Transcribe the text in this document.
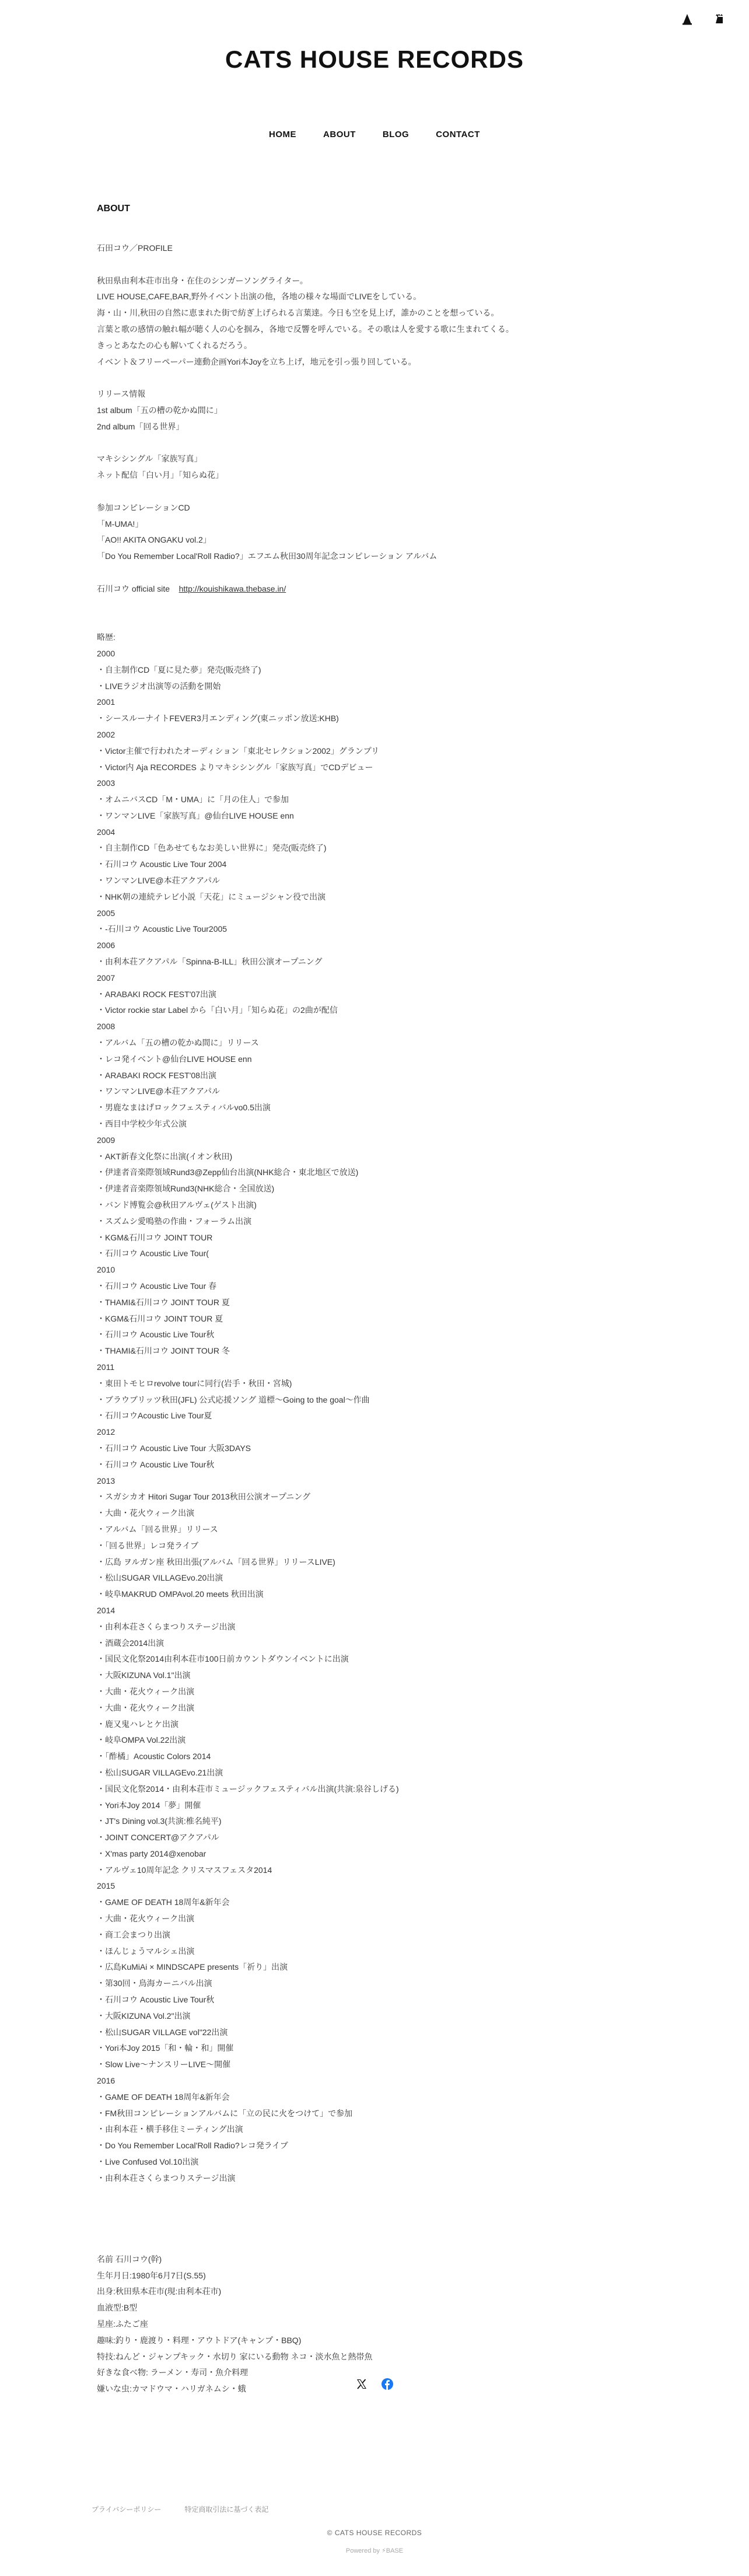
CATS HOUSE RECORDS
HOME	ABOUT	BLOG	CONTACT
ABOUT
石田コウ／PROFILE
秋田県由利本荘市出身・在住のシンガーソングライター。
LIVE HOUSE,CAFE,BAR,野外イベント出演の他，各地の様々な場面でLIVEをしている。
海・山・川,秋田の自然に恵まれた街で紡ぎ上げられる言葉達。今日も空を見上げ，誰かのことを想っている。
言葉と歌の感情の触れ幅が聴く人の心を掴み，各地で反響を呼んでいる。その歌は人を愛する歌に生まれてくる。
きっとあなたの心も解いてくれるだろう。
イベント＆フリーペーパー連動企画Yori本Joyを立ち上げ，地元を引っ張り回している。
リリース情報
1st album「五の槽の乾かぬ間に」
2nd album「回る世界」
マキシシングル「家族写真」
ネット配信「白い月」「知らぬ花」
参加コンピレーションCD
「M-UMA!」
「AO!! AKITA ONGAKU vol.2」
「Do You Remember Local'Roll Radio?」エフエム秋田30周年記念コンピレーション アルバム
石川コウ official site    http://kouishikawa.thebase.in/
略歴:
2000
・自主制作CD「夏に見た夢」発売(販売終了)
・LIVEラジオ出演等の活動を開始
2001
・シースルーナイトFEVER3月エンディング(東ニッポン放送:KHB)
2002
・Victor主催で行われたオーディション「東北セレクション2002」グランプリ
・Victor内 Aja RECORDES よりマキシシングル「家族写真」でCDデビュー
2003
・オムニバスCD「M・UMA」に「月の住人」で参加
・ワンマンLIVE「家族写真」@仙台LIVE HOUSE enn
2004
・自主制作CD「色あせてもなお美しい世界に」発売(販売終了)
・石川コウ Acoustic Live Tour 2004
・ワンマンLIVE@本荘アクアパル
・NHK朝の連続テレビ小説「天花」にミュージシャン役で出演
2005
・-石川コウ Acoustic Live Tour2005
2006
・由利本荘アクアパル「Spinna-B-ILL」秋田公演オープニング
2007
・ARABAKI ROCK FEST'07出演
・Victor rockie star Label から「白い月」「知らぬ花」の2曲が配信
2008
・アルバム「五の槽の乾かぬ間に」リリース
・レコ発イベント@仙台LIVE HOUSE enn
・ARABAKI ROCK FEST'08出演
・ワンマンLIVE@本荘アクアパル
・男鹿なまはげロックフェスティバルvo0.5出演
・西目中学校少年式公演
2009
・AKT新春文化祭に出演(イオン秋田)
・伊達者音楽際領域Rund3@Zepp仙台出演(NHK総合・東北地区で放送)
・伊達者音楽際領域Rund3(NHK総合・全国放送)
・バンド博覧会@秋田アルヴェ(ゲスト出演)
・スズムシ愛鳴塾の作曲・フォーラム出演
・KGM&石川コウ JOINT TOUR
・石川コウ Acoustic Live Tour(
2010
・石川コウ Acoustic Live Tour 春
・THAMI&石川コウ JOINT TOUR 夏
・KGM&石川コウ JOINT TOUR 夏
・石川コウ Acoustic Live Tour秋
・THAMI&石川コウ JOINT TOUR 冬
2011
・東田トモヒロrevolve tourに同行(岩手・秋田・宮城)
・ブラウブリッツ秋田(JFL) 公式応援ソング 道標〜Going to the goal〜作曲
・石川コウAcoustic Live Tour夏
2012
・石川コウ Acoustic Live Tour 大阪3DAYS
・石川コウ Acoustic Live Tour秋
2013
・スガシカオ Hitori Sugar Tour 2013秋田公演オープニング
・大曲・花火ウィーク出演
・アルバム「回る世界」リリース
・「回る世界」レコ発ライブ
・広島 ヲルガン座 秋田出張(アルバム「回る世界」リリースLIVE)
・松山SUGAR VILLAGEvo.20出演
・岐阜MAKRUD OMPAvol.20 meets 秋田出演
2014
・由利本荘さくらまつりステージ出演
・酒蔵会2014出演
・国民文化祭2014由利本荘市100日前カウントダウンイベントに出演
・大阪KIZUNA Vol.1"出演
・大曲・花火ウィーク出演
・大曲・花火ウィーク出演
・鹿又鬼ハレとケ出演
・岐阜OMPA Vol.22出演
・「酢橘」Acoustic Colors 2014
・松山SUGAR VILLAGEvo.21出演
・国民文化祭2014・由利本荘市ミュージックフェスティバル出演(共演:泉谷しげる)
・Yori本Joy 2014「夢」開催
・JT's Dining vol.3(共演:椎名純平)
・JOINT CONCERT@アクアパル
・X'mas party 2014@xenobar
・アルヴェ10周年記念 クリスマスフェスタ2014
2015
・GAME OF DEATH 18周年&新年会
・大曲・花火ウィーク出演
・商工会まつり出演
・ほんじょうマルシェ出演
・広島KuMiAi × MINDSCAPE presents「祈り」出演
・第30回・鳥海カーニバル出演
・石川コウ Acoustic Live Tour秋
・大阪KIZUNA Vol.2"出演
・松山SUGAR VILLAGE vol"22出演
・Yori本Joy 2015「和・輪・和」開催
・Slow Live〜ナンスリーLIVE〜開催
2016
・GAME OF DEATH 18周年&新年会
・FM秋田コンピレーションアルバムに「立の民に火をつけて」で参加
・由利本荘・横手移住ミーティング出演
・Do You Remember Local'Roll Radio?レコ発ライブ
・Live Confused Vol.10出演
・由利本荘さくらまつりステージ出演
名前 石川コウ(幹)
生年月日:1980年6月7日(S.55)
出身:秋田県本荘市(現:由利本荘市)
血液型:B型
星座:ふたご座
趣味:釣り・鹿渡り・料理・アウトドア(キャンプ・BBQ)
特技:ねんど・ジャンプキック・水切り 家にいる動物 ネコ・淡水魚と熱帯魚
好きな食べ物: ラーメン・寿司・魚介料理
嫌いな虫:カマドウマ・ハリガネムシ・蛾
プライバシーポリシー	特定商取引法に基づく表記
© CATS HOUSE RECORDS
Powered by ⚡BASE
